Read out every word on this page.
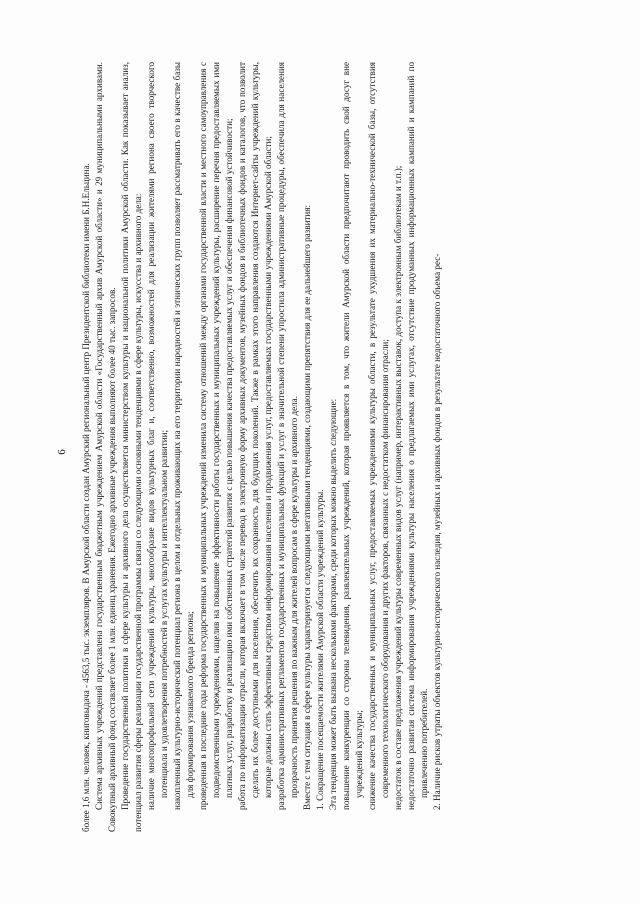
6 более 1,6 млн. человек, книговыдача - 4563,5 тыс. экземпляров. В Амурской области создан Амурский региональный центр Президентской библиотеки имени Б.Н.Ельцина. Система архивных учреждений представлена государственным бюджетным учреждением Амурской области «Государственный архив Амурской области» и 29 муниципальными архивами. Совокупный архивный фонд составляет более 1 млн. единиц хранения. Ежегодно архивные учреждения выполняют более 40 тыс. запросов. Проведение государственной политики в сфере культуры и архивного дела осуществляется министерством культуры и национальной политики Амурской области. Как показывает анализ, потенциал развития сферы реализации государственной программы связан со следующими основными тенденциями в сфере культуры, искусства и архивного дела: наличие многопрофильной сети учреждений культуры, многообразие видов культурных благ и, соответственно, возможностей для реализации жителями региона своего творческого потенциала и удовлетворения потребностей в услугах культуры и интеллектуальном развитии; накопленный культурно-исторический потенциал региона в целом и отдельных проживающих на его территории народностей и этнических групп позволяет рассматривать его в качестве базы для формирования узнаваемого бренда региона; проведенная в последние годы реформа государственных и муниципальных учреждений изменила систему отношений между органами государственной власти и местного самоуправления с подведомственными учреждениями, нацелив на повышение эффективности работы государственных и муниципальных учреждений культуры, расширение перечня предоставляемых ими платных услуг, разработку и реализацию ими собственных стратегий развития с целью повышения качества предоставляемых услуг и обеспечения финансовой устойчивости; работа по информатизации отрасли, которая включает в том числе перевод в электронную форму архивных документов, музейных фондов и библиотечных фондов и каталогов, что позволит сделать их более доступными для населения, обеспечить их сохранность для будущих поколений. Также в рамках этого направления создаются Интернет-сайты учреждений культуры, которые должны стать эффективным средством информирования населения и продвижения услуг, предоставляемых государственными учреждениями Амурской области; разработка административных регламентов государственных и муниципальных функций и услуг в значительной степени упростила административные процедуры, обеспечила для населения прозрачность принятия решения по важным для жителей вопросам в сфере культуры и архивного дела. Вместе с тем ситуация в сфере культуры характеризуется следующими негативными тенденциями, создающими препятствия для ее дальнейшего развития: 1. Сокращение посещаемости жителями Амурской области учреждений культуры. Эта тенденция может быть вызвана несколькими факторами, среди которых можно выделить следующие: повышение конкуренции со стороны телевидения, развлекательных учреждений, которая проявляется в том, что жители Амурской области предпочитают проводить свой досуг вне учреждений культуры; снижение качества государственных и муниципальных услуг, предоставляемых учреждениями культуры области, в результате ухудшения их материально-технической базы, отсутствия современного технологического оборудования и других факторов, связанных с недостатком финансирования отрасли; недостаток в составе предложения учреждений культуры современных видов услуг (например, интерактивных выставок, доступа к электронным библиотекам и т.п.); недостаточно развитая система информирования учреждениями культуры населения о предлагаемых ими услугах, отсутствие продуманных информационных кампаний и кампаний по привлечению потребителей. 2. Наличие рисков утраты объектов культурно-исторического наследия, музейных и архивных фондов в результате недостаточного объема рес-
